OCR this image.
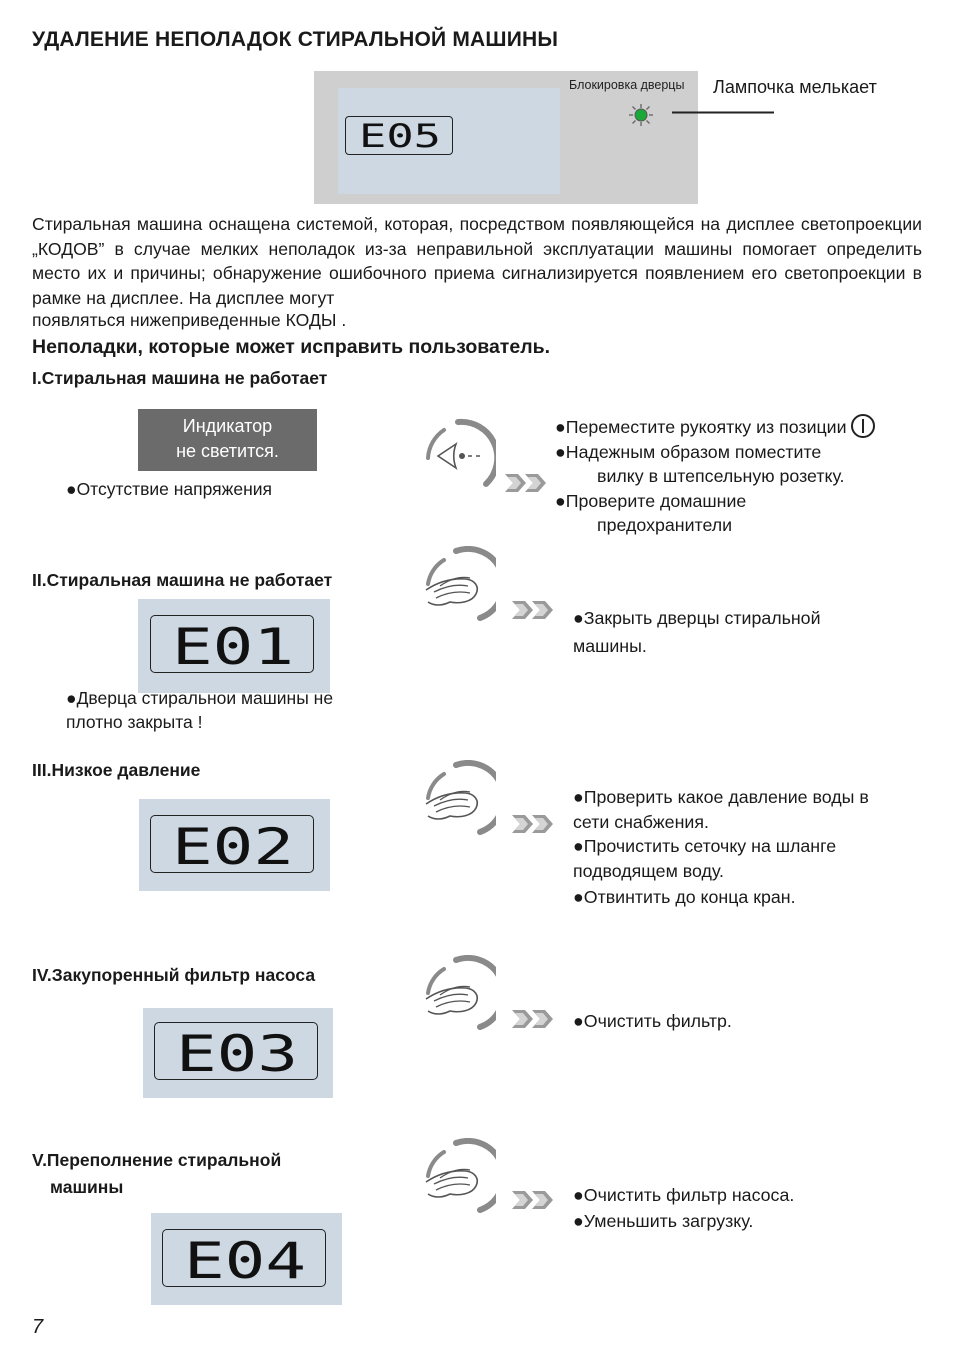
УДАЛЕНИЕ НЕПОЛАДОК СТИРАЛЬНОЙ МАШИНЫ
E05
Блокировка дверцы Лампочка мелькает
Стиральная машина оснащена системой, которая, посредством появляющейся на дисплее светопроекции „КОДОВ” в случае мелких неполадок из-за неправильной эксплуатации машины помогает определить место их и причины; обнаружение ошибочного приема сигнализируется появлением его светопроекции в рамке на дисплее. На дисплее могут
появляться нижеприведенные КОДЫ .
Неполадки, которые может исправить пользователь.
I.Стиральная машина не работает
Индикатор
не светится.
●Отсутствие напряжения
●Переместите рукоятку из позиции
●Надежным образом поместите
вилку в штепсельную розетку.
●Проверите домашние
предохранители
II.Стиральная машина не работает
E01
●Дверца стиральнои машины не
плотно закрыта !
●Закрыть дверцы стиральной
машины.
III.Низкое давление
E02
●Проверить какое давление воды в
сети снабжения.
●Прочистить сеточку на шланге
подводящем воду.
●Отвинтить до конца кран.
IV.Закупоренный фильтр насоса
E03
●Очистить фильтр.
V.Переполнение стиральной
машины
E04
●Очистить фильтр насоса.
●Уменьшить загрузку.
7
